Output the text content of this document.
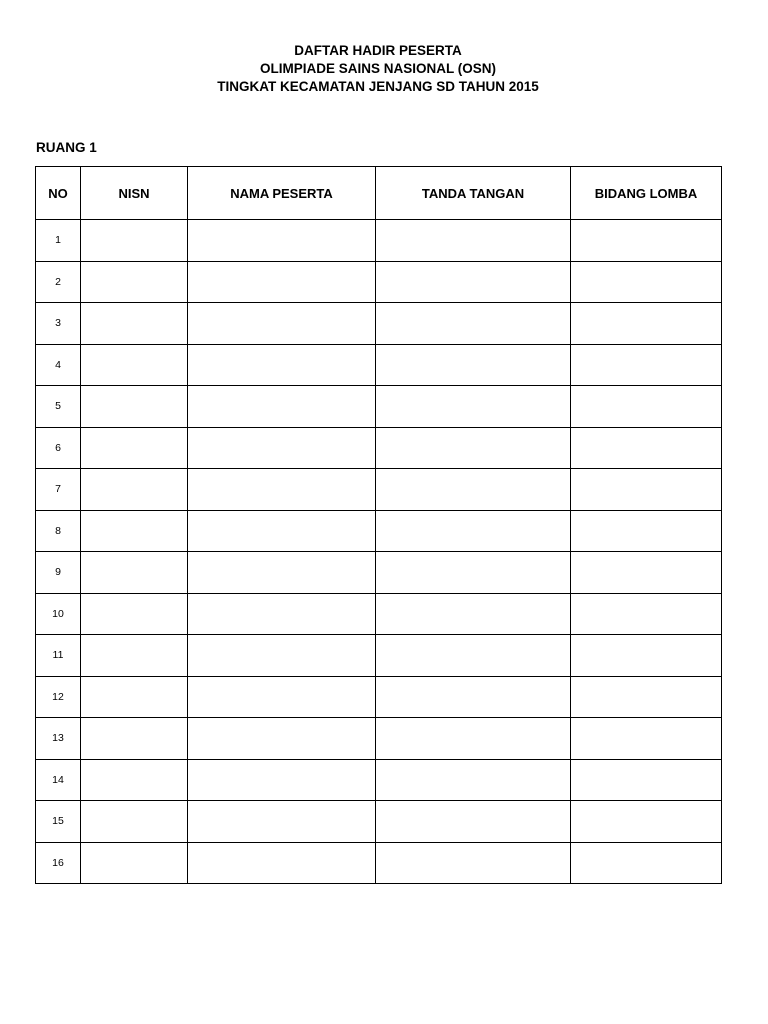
DAFTAR HADIR PESERTA
OLIMPIADE SAINS NASIONAL (OSN)
TINGKAT KECAMATAN JENJANG SD TAHUN 2015
RUANG 1
NO	NISN	NAMA PESERTA	TANDA TANGAN	BIDANG LOMBA
1				
2				
3				
4				
5				
6				
7				
8				
9				
10				
11				
12				
13				
14				
15				
16				
